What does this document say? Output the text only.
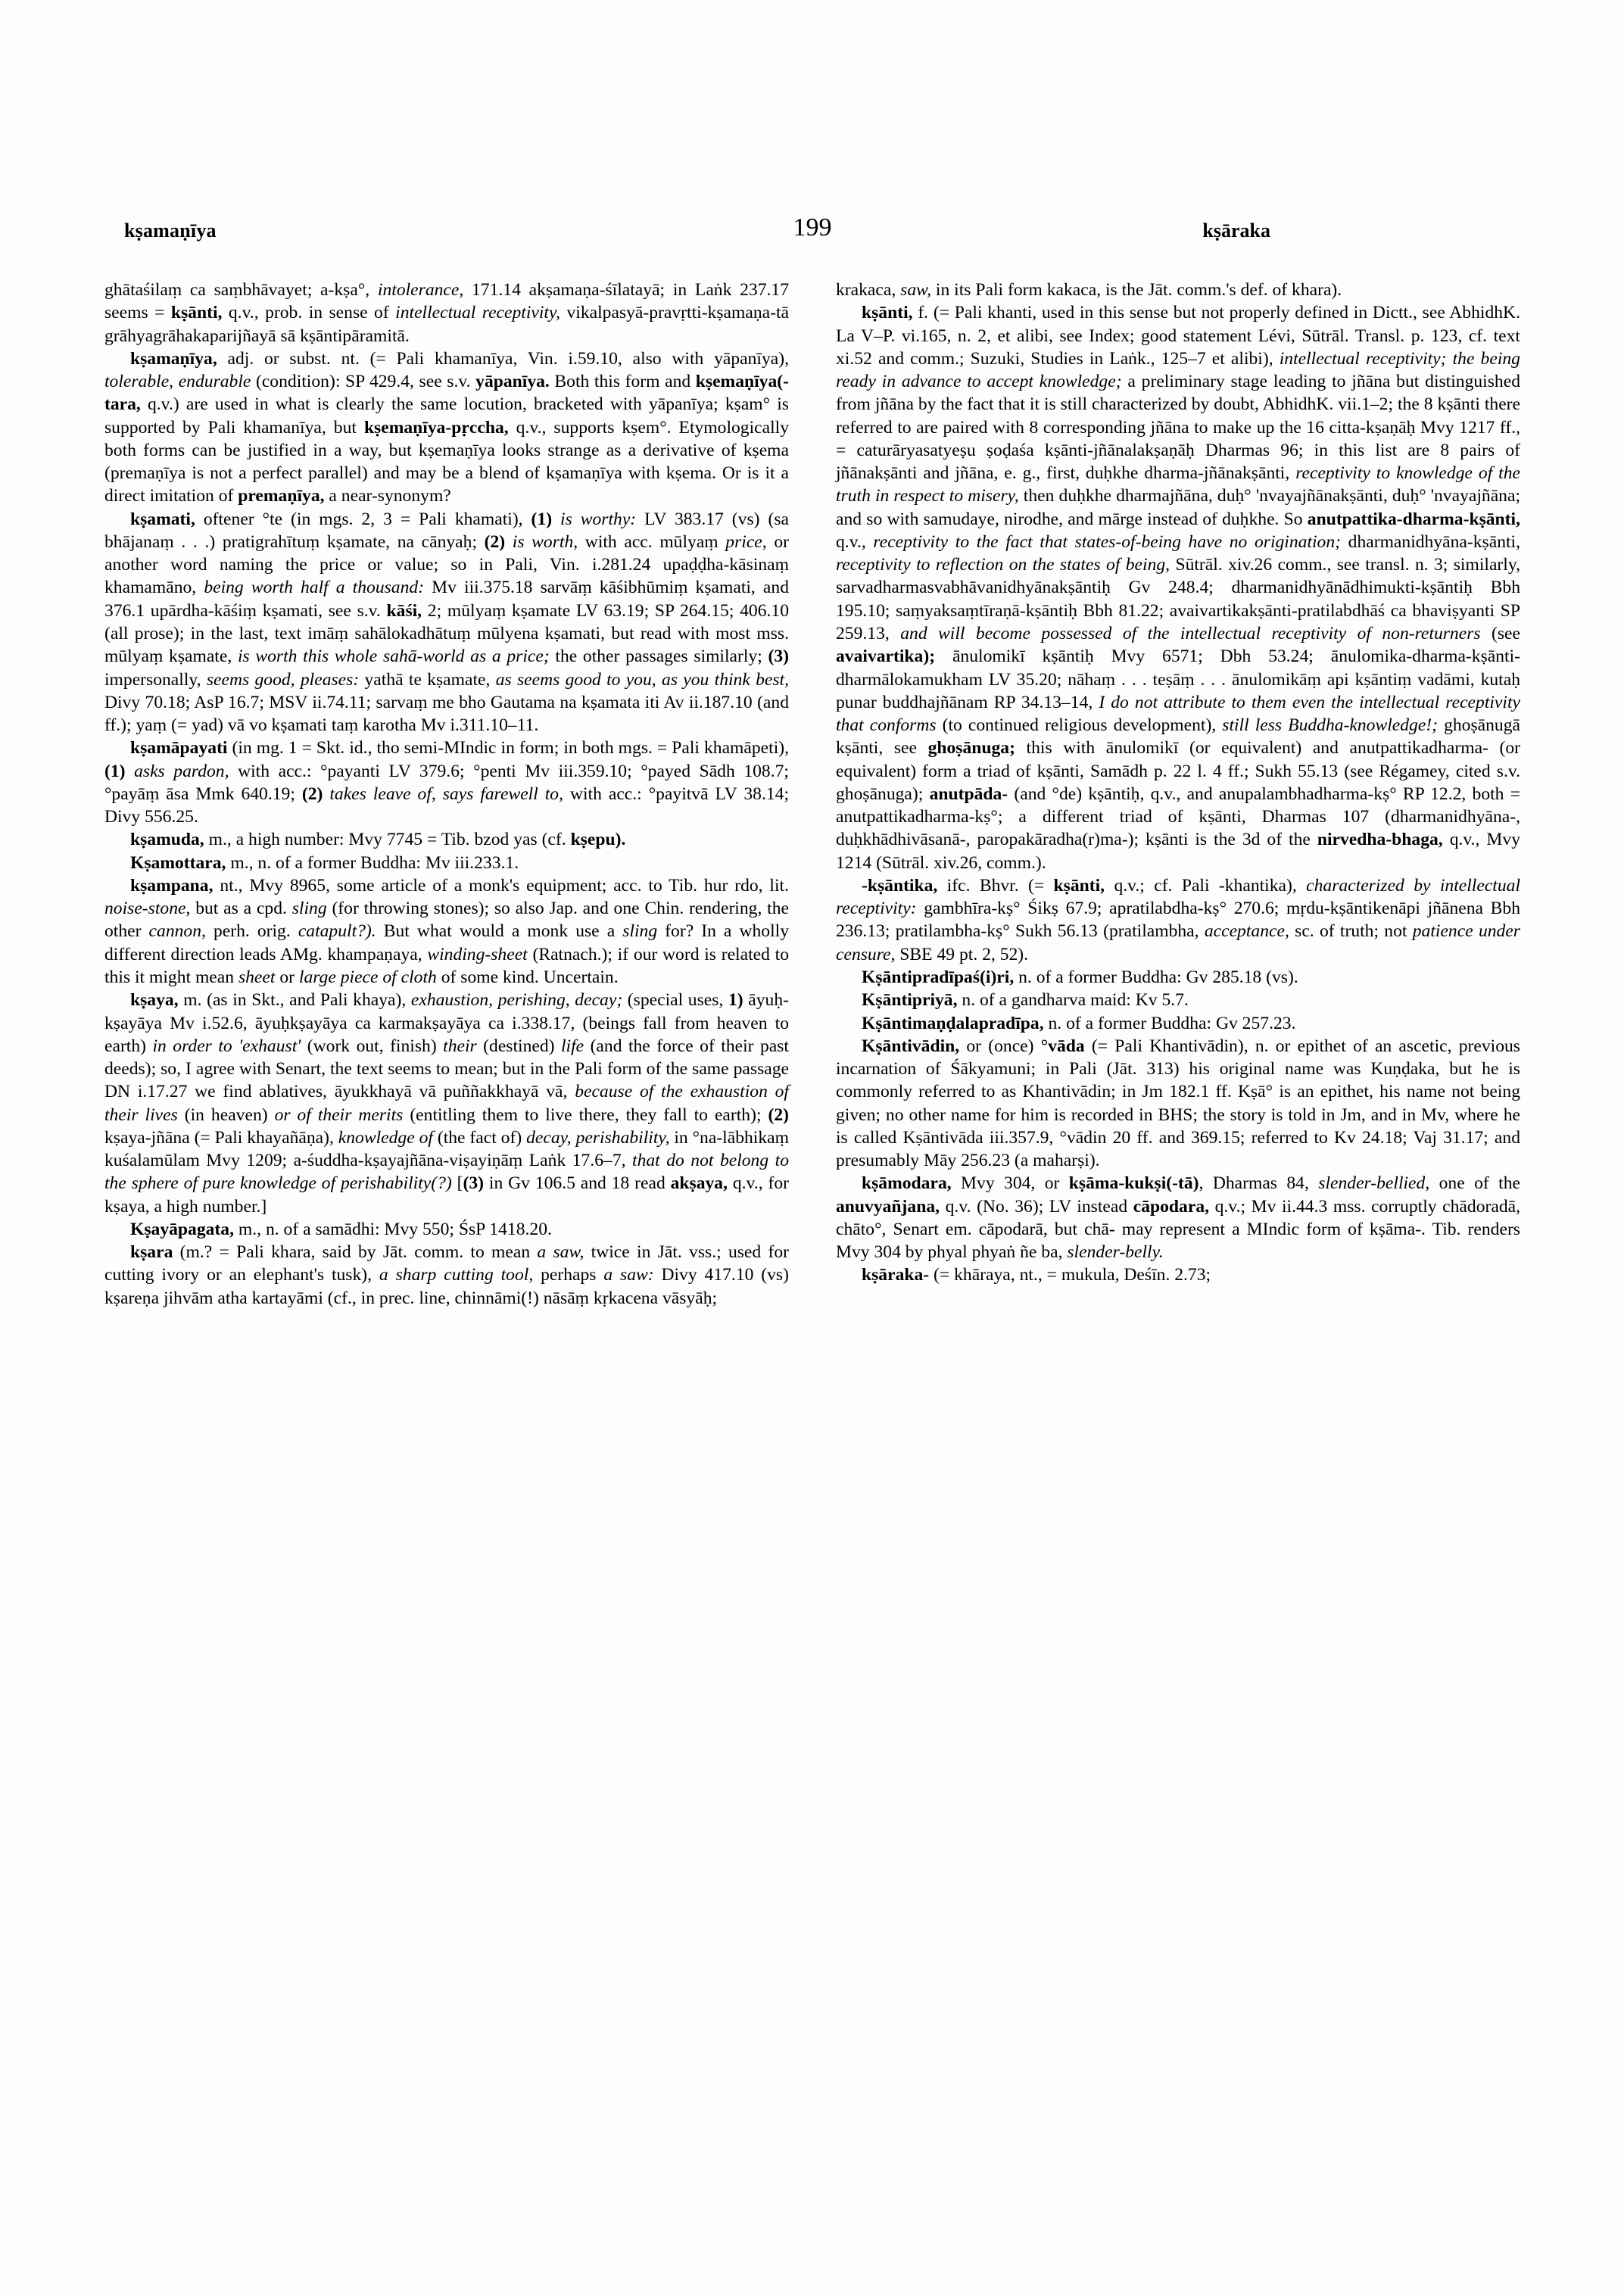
kṣamaṇīya	199	kṣāraka

ghātaśilaṃ ca saṃbhāvayet; a-kṣa°, intolerance, 171.14 akṣamaṇa-śīlatayā; in Laṅk 237.17 seems = kṣānti, q.v., prob. in sense of intellectual receptivity, vikalpasyā-pravṛtti-kṣamaṇa-tā grāhyagrāhakaparijñayā sā kṣāntipāramitā.

kṣamaṇīya, adj. or subst. nt. (= Pali khamanīya, Vin. i.59.10, also with yāpanīya), tolerable, endurable (condition): SP 429.4, see s.v. yāpanīya. Both this form and kṣemaṇīya(-tara, q.v.) are used in what is clearly the same locution, bracketed with yāpanīya; kṣam° is supported by Pali khamanīya, but kṣemaṇīya-pṛccha, q.v., supports kṣem°. Etymologically both forms can be justified in a way, but kṣemaṇīya looks strange as a derivative of kṣema (premaṇīya is not a perfect parallel) and may be a blend of kṣamaṇīya with kṣema. Or is it a direct imitation of premaṇīya, a near-synonym?

kṣamati, oftener °te (in mgs. 2, 3 = Pali khamati), (1) is worthy: LV 383.17 (vs) (sa bhājanaṃ . . .) pratigrahītuṃ kṣamate, na cānyaḥ; (2) is worth, with acc. mūlyaṃ price, or another word naming the price or value; so in Pali, Vin. i.281.24 upaḍḍha-kāsinaṃ khamamāno, being worth half a thousand: Mv iii.375.18 sarvāṃ kāśibhūmiṃ kṣamati, and 376.1 upārdha-kāśiṃ kṣamati, see s.v. kāśi, 2; mūlyaṃ kṣamate LV 63.19; SP 264.15; 406.10 (all prose); in the last, text imāṃ sahālokadhātuṃ mūlyena kṣamati, but read with most mss. mūlyaṃ kṣamate, is worth this whole sahā-world as a price; the other passages similarly; (3) impersonally, seems good, pleases: yathā te kṣamate, as seems good to you, as you think best, Divy 70.18; AsP 16.7; MSV ii.74.11; sarvaṃ me bho Gautama na kṣamata iti Av ii.187.10 (and ff.); yaṃ (= yad) vā vo kṣamati taṃ karotha Mv i.311.10–11.

kṣamāpayati (in mg. 1 = Skt. id., tho semi-MIndic in form; in both mgs. = Pali khamāpeti), (1) asks pardon, with acc.: °payanti LV 379.6; °penti Mv iii.359.10; °payed Sādh 108.7; °payāṃ āsa Mmk 640.19; (2) takes leave of, says farewell to, with acc.: °payitvā LV 38.14; Divy 556.25.

kṣamuda, m., a high number: Mvy 7745 = Tib. bzod yas (cf. kṣepu).

Kṣamottara, m., n. of a former Buddha: Mv iii.233.1.

kṣampana, nt., Mvy 8965, some article of a monk's equipment; acc. to Tib. hur rdo, lit. noise-stone, but as a cpd. sling (for throwing stones); so also Jap. and one Chin. rendering, the other cannon, perh. orig. catapult?). But what would a monk use a sling for? In a wholly different direction leads AMg. khampaṇaya, winding-sheet (Ratnach.); if our word is related to this it might mean sheet or large piece of cloth of some kind. Uncertain.

kṣaya, m. (as in Skt., and Pali khaya), exhaustion, perishing, decay; (special uses, 1) āyuḥ-kṣayāya Mv i.52.6, āyuḥkṣayāya ca karmakṣayāya ca i.338.17, (beings fall from heaven to earth) in order to 'exhaust' (work out, finish) their (destined) life (and the force of their past deeds); so, I agree with Senart, the text seems to mean; but in the Pali form of the same passage DN i.17.27 we find ablatives, āyukkhayā vā puññakkhayā vā, because of the exhaustion of their lives (in heaven) or of their merits (entitling them to live there, they fall to earth); (2) kṣaya-jñāna (= Pali khayañāṇa), knowledge of (the fact of) decay, perishability, in °na-lābhikaṃ kuśalamūlam Mvy 1209; a-śuddha-kṣayajñāna-viṣayiṇāṃ Laṅk 17.6–7, that do not belong to the sphere of pure knowledge of perishability(?) [(3) in Gv 106.5 and 18 read akṣaya, q.v., for kṣaya, a high number.]

Kṣayāpagata, m., n. of a samādhi: Mvy 550; ŚsP 1418.20.

kṣara (m.? = Pali khara, said by Jāt. comm. to mean a saw, twice in Jāt. vss.; used for cutting ivory or an elephant's tusk), a sharp cutting tool, perhaps a saw: Divy 417.10 (vs) kṣareṇa jihvām atha kartayāmi (cf., in prec. line, chinnāmi(!) nāsāṃ kṛkacena vāsyāḥ;

krakaca, saw, in its Pali form kakaca, is the Jāt. comm.'s def. of khara).

kṣānti, f. (= Pali khanti, used in this sense but not properly defined in Dictt., see AbhidhK. La V–P. vi.165, n. 2, et alibi, see Index; good statement Lévi, Sūtrāl. Transl. p. 123, cf. text xi.52 and comm.; Suzuki, Studies in Laṅk., 125–7 et alibi), intellectual receptivity; the being ready in advance to accept knowledge; a preliminary stage leading to jñāna but distinguished from jñāna by the fact that it is still characterized by doubt, AbhidhK. vii.1–2; the 8 kṣānti there referred to are paired with 8 corresponding jñāna to make up the 16 citta-kṣaṇāḥ Mvy 1217 ff., = caturāryasatyeṣu ṣoḍaśa kṣānti-jñānalakṣaṇāḥ Dharmas 96; in this list are 8 pairs of jñānakṣānti and jñāna, e. g., first, duḥkhe dharma-jñānakṣānti, receptivity to knowledge of the truth in respect to misery, then duḥkhe dharmajñāna, duḥ° 'nvayajñānakṣānti, duḥ° 'nvayajñāna; and so with samudaye, nirodhe, and mārge instead of duḥkhe. So anutpattika-dharma-kṣānti, q.v., receptivity to the fact that states-of-being have no origination; dharmanidhyāna-kṣānti, receptivity to reflection on the states of being, Sūtrāl. xiv.26 comm., see transl. n. 3; similarly, sarvadharmasvabhāvanidhyānakṣāntiḥ Gv 248.4; dharmanidhyānādhimukti-kṣāntiḥ Bbh 195.10; saṃyaksaṃtīraṇā-kṣāntiḥ Bbh 81.22; avaivartikakṣānti-pratilabdhāś ca bhaviṣyanti SP 259.13, and will become possessed of the intellectual receptivity of non-returners (see avaivartika); ānulomikī kṣāntiḥ Mvy 6571; Dbh 53.24; ānulomika-dharma-kṣānti-dharmālokamukham LV 35.20; nāhaṃ . . . teṣāṃ . . . ānulomikāṃ api kṣāntiṃ vadāmi, kutaḥ punar buddhajñānam RP 34.13–14, I do not attribute to them even the intellectual receptivity that conforms (to continued religious development), still less Buddha-knowledge!; ghoṣānugā kṣānti, see ghoṣānuga; this with ānulomikī (or equivalent) and anutpattikadharma- (or equivalent) form a triad of kṣānti, Samādh p. 22 l. 4 ff.; Sukh 55.13 (see Régamey, cited s.v. ghoṣānuga); anutpāda- (and °de) kṣāntiḥ, q.v., and anupalambhadharma-kṣ° RP 12.2, both = anutpattikadharma-kṣ°; a different triad of kṣānti, Dharmas 107 (dharmanidhyāna-, duḥkhādhivāsanā-, paropakāradha(r)ma-); kṣānti is the 3d of the nirvedha-bhaga, q.v., Mvy 1214 (Sūtrāl. xiv.26, comm.).

-kṣāntika, ifc. Bhvr. (= kṣānti, q.v.; cf. Pali -khantika), characterized by intellectual receptivity: gambhīra-kṣ° Śikṣ 67.9; apratilabdha-kṣ° 270.6; mṛdu-kṣāntikenāpi jñānena Bbh 236.13; pratilambha-kṣ° Sukh 56.13 (pratilambha, acceptance, sc. of truth; not patience under censure, SBE 49 pt. 2, 52).

Kṣāntipradīpaś(i)ri, n. of a former Buddha: Gv 285.18 (vs).

Kṣāntipriyā, n. of a gandharva maid: Kv 5.7.

Kṣāntimaṇḍalapradīpa, n. of a former Buddha: Gv 257.23.

Kṣāntivādin, or (once) °vāda (= Pali Khantivādin), n. or epithet of an ascetic, previous incarnation of Śākyamuni; in Pali (Jāt. 313) his original name was Kuṇḍaka, but he is commonly referred to as Khantivādin; in Jm 182.1 ff. Kṣā° is an epithet, his name not being given; no other name for him is recorded in BHS; the story is told in Jm, and in Mv, where he is called Kṣāntivāda iii.357.9, °vādin 20 ff. and 369.15; referred to Kv 24.18; Vaj 31.17; and presumably Māy 256.23 (a maharṣi).

kṣāmodara, Mvy 304, or kṣāma-kukṣi(-tā), Dharmas 84, slender-bellied, one of the anuvyañjana, q.v. (No. 36); LV instead cāpodara, q.v.; Mv ii.44.3 mss. corruptly chādoradā, chāto°, Senart em. cāpodarā, but chā- may represent a MIndic form of kṣāma-. Tib. renders Mvy 304 by phyal phyaṅ ñe ba, slender-belly.

kṣāraka- (= khāraya, nt., = mukula, Deśīn. 2.73;
